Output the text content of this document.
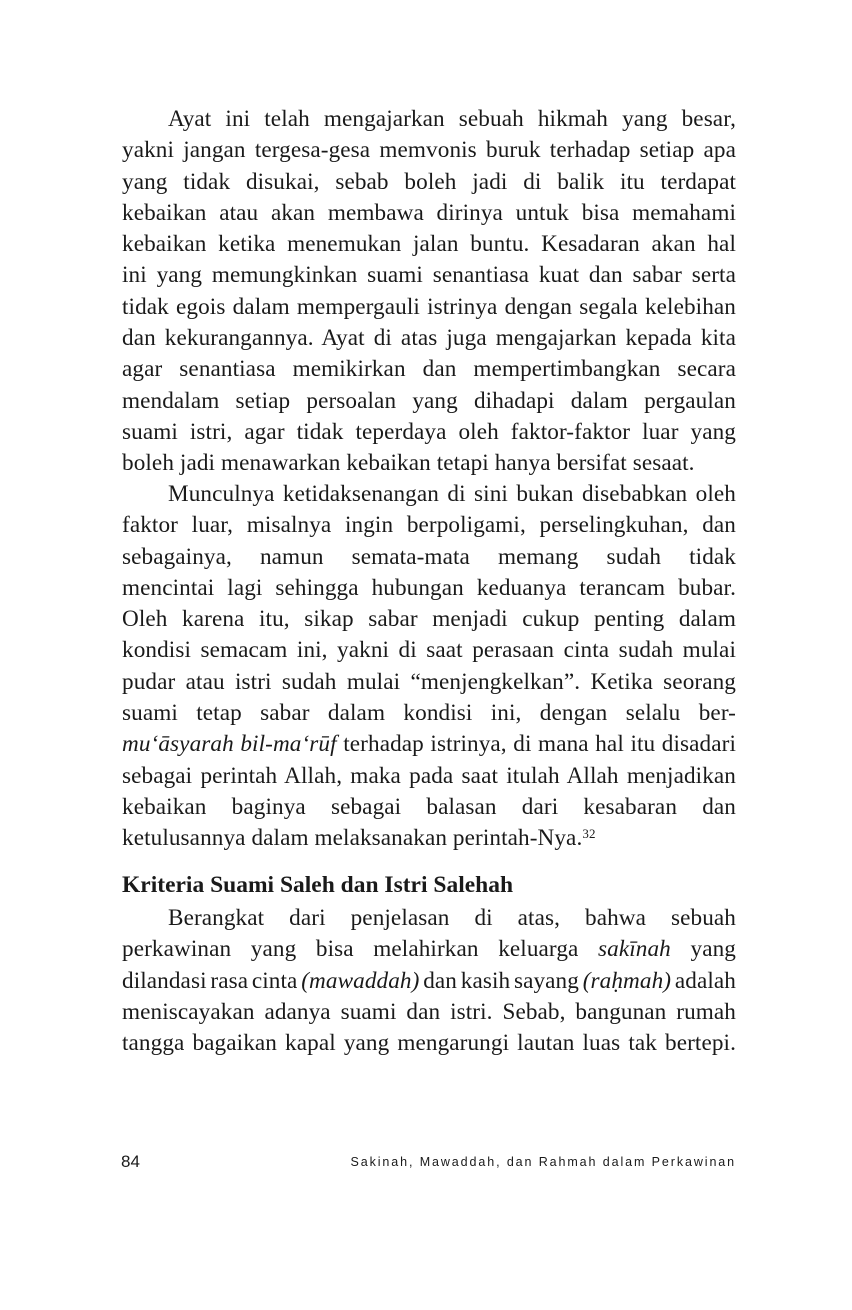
Ayat ini telah mengajarkan sebuah hikmah yang besar,
yakni jangan tergesa-gesa memvonis buruk terhadap setiap apa
yang tidak disukai, sebab boleh jadi di balik itu terdapat
kebaikan atau akan membawa dirinya untuk bisa memahami
kebaikan ketika menemukan jalan buntu. Kesadaran akan hal
ini yang memungkinkan suami senantiasa kuat dan sabar serta
tidak egois dalam mempergauli istrinya dengan segala kelebihan
dan kekurangannya. Ayat di atas juga mengajarkan kepada kita
agar senantiasa memikirkan dan mempertimbangkan secara
mendalam setiap persoalan yang dihadapi dalam pergaulan
suami istri, agar tidak teperdaya oleh faktor-faktor luar yang
boleh jadi menawarkan kebaikan tetapi hanya bersifat sesaat.
Munculnya ketidaksenangan di sini bukan disebabkan oleh
faktor luar, misalnya ingin berpoligami, perselingkuhan, dan
sebagainya, namun semata-mata memang sudah tidak
mencintai lagi sehingga hubungan keduanya terancam bubar.
Oleh karena itu, sikap sabar menjadi cukup penting dalam
kondisi semacam ini, yakni di saat perasaan cinta sudah mulai
pudar atau istri sudah mulai “menjengkelkan”. Ketika seorang
suami tetap sabar dalam kondisi ini, dengan selalu ber-
mu‘āsyarah bil-ma‘rūf terhadap istrinya, di mana hal itu disadari
sebagai perintah Allah, maka pada saat itulah Allah menjadikan
kebaikan baginya sebagai balasan dari kesabaran dan
ketulusannya dalam melaksanakan perintah-Nya.$^{32}$
Kriteria Suami Saleh dan Istri Salehah
Berangkat dari penjelasan di atas, bahwa sebuah
perkawinan yang bisa melahirkan keluarga sakīnah yang
dilandasi rasa cinta (mawaddah) dan kasih sayang (raḥmah) adalah
meniscayakan adanya suami dan istri. Sebab, bangunan rumah
tangga bagaikan kapal yang mengarungi lautan luas tak bertepi.
84	Sakinah, Mawaddah, dan Rahmah dalam Perkawinan
